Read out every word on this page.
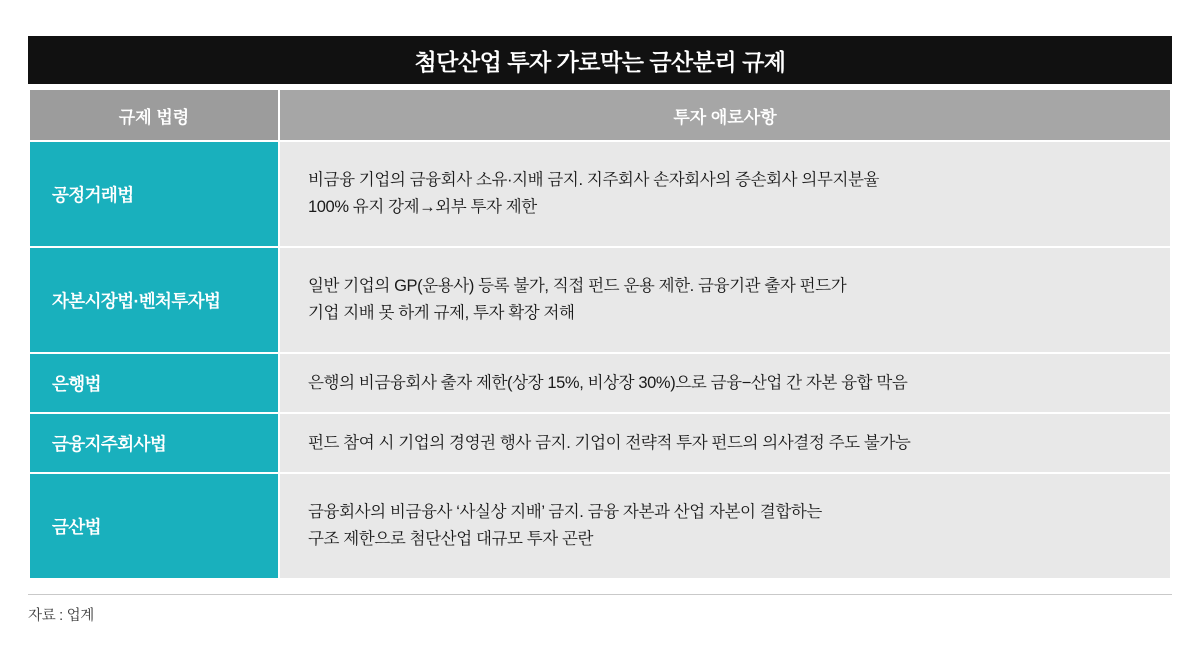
첨단산업 투자 가로막는 금산분리 규제
규제 법령	투자 애로사항
공정거래법	비금융 기업의 금융회사 소유·지배 금지. 지주회사 손자회사의 증손회사 의무지분율
100% 유지 강제→외부 투자 제한

자본시장법·벤처투자법	일반 기업의 GP(운용사) 등록 불가, 직접 펀드 운용 제한. 금융기관 출자 펀드가
기업 지배 못 하게 규제, 투자 확장 저해

은행법	은행의 비금융회사 출자 제한(상장 15%, 비상장 30%)으로 금융−산업 간 자본 융합 막음

금융지주회사법	펀드 참여 시 기업의 경영권 행사 금지. 기업이 전략적 투자 펀드의 의사결정 주도 불가능

금산법	금융회사의 비금융사 ‘사실상 지배’ 금지. 금융 자본과 산업 자본이 결합하는
구조 제한으로 첨단산업 대규모 투자 곤란
자료 : 업계
